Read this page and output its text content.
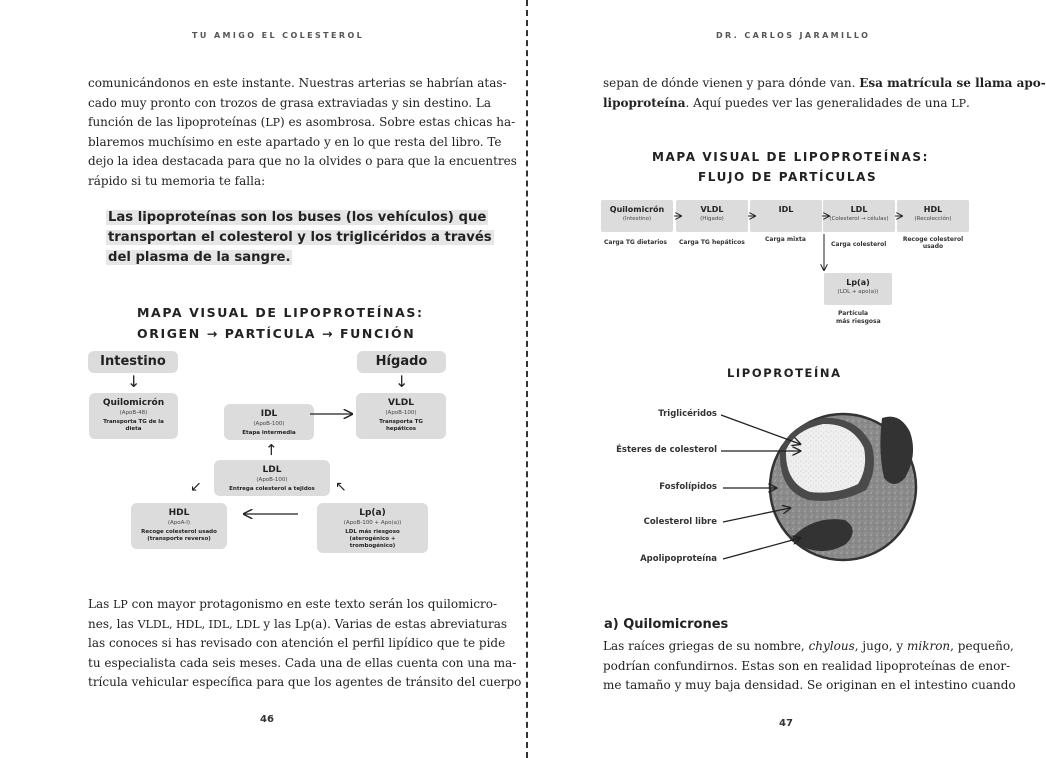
TU AMIGO EL COLESTEROL
comunicándonos en este instante. Nuestras arterias se habrían atas-
cado muy pronto con trozos de grasa extraviadas y sin destino. La
función de las lipoproteínas (LP) es asombrosa. Sobre estas chicas ha-
blaremos muchísimo en este apartado y en lo que resta del libro. Te
dejo la idea destacada para que no la olvides o para que la encuentres
rápido si tu memoria te falla:
Las lipoproteínas son los buses (los vehículos) que
transportan el colesterol y los triglicéridos a través
del plasma de la sangre.
MAPA VISUAL DE LIPOPROTEÍNAS:
ORIGEN → PARTÍCULA → FUNCIÓN
Intestino	Hígado
↓	↓
Quilomicrón
(ApoB-48)
Transporta TG de la
dieta
IDL
(ApoB-100)
Etapa intermedia
VLDL
(ApoB-100)
Transporta TG
hepáticos
↑
LDL
(ApoB-100)
Entrega colesterol a tejidos
↙	↖
HDL
(ApoA-I)
Recoge colesterol usado
(transporte reverso)
Lp(a)
(ApoB-100 + Apo(a))
LDL más riesgoso
(aterogénico +
trombogénico)
Las LP con mayor protagonismo en este texto serán los quilomicro-
nes, las VLDL, HDL, IDL, LDL y las Lp(a). Varias de estas abreviaturas
las conoces si has revisado con atención el perfil lipídico que te pide
tu especialista cada seis meses. Cada una de ellas cuenta con una ma-
trícula vehicular específica para que los agentes de tránsito del cuerpo
46
DR. CARLOS JARAMILLO
sepan de dónde vienen y para dónde van. Esa matrícula se llama apo-
lipoproteína. Aquí puedes ver las generalidades de una LP.
MAPA VISUAL DE LIPOPROTEÍNAS:
FLUJO DE PARTÍCULAS
Quilomicrón
(Intestino)
VLDL
(Hígado)
IDL	LDL
(Colesterol → células)
HDL
(Recolección)
Carga TG dietarios Carga TG hepáticos	Carga mixta
Carga colesterol
Recoge colesterol usado
Lp(a)
(LDL + apo(a))
Partícula
más riesgosa
LIPOPROTEÍNA
Triglicéridos
Ésteres de colesterol
Fosfolípidos
Colesterol libre
Apolipoproteína
a) Quilomicrones
Las raíces griegas de su nombre, chylous, jugo, y mikron, pequeño,
podrían confundirnos. Estas son en realidad lipoproteínas de enor-
me tamaño y muy baja densidad. Se originan en el intestino cuando
47
